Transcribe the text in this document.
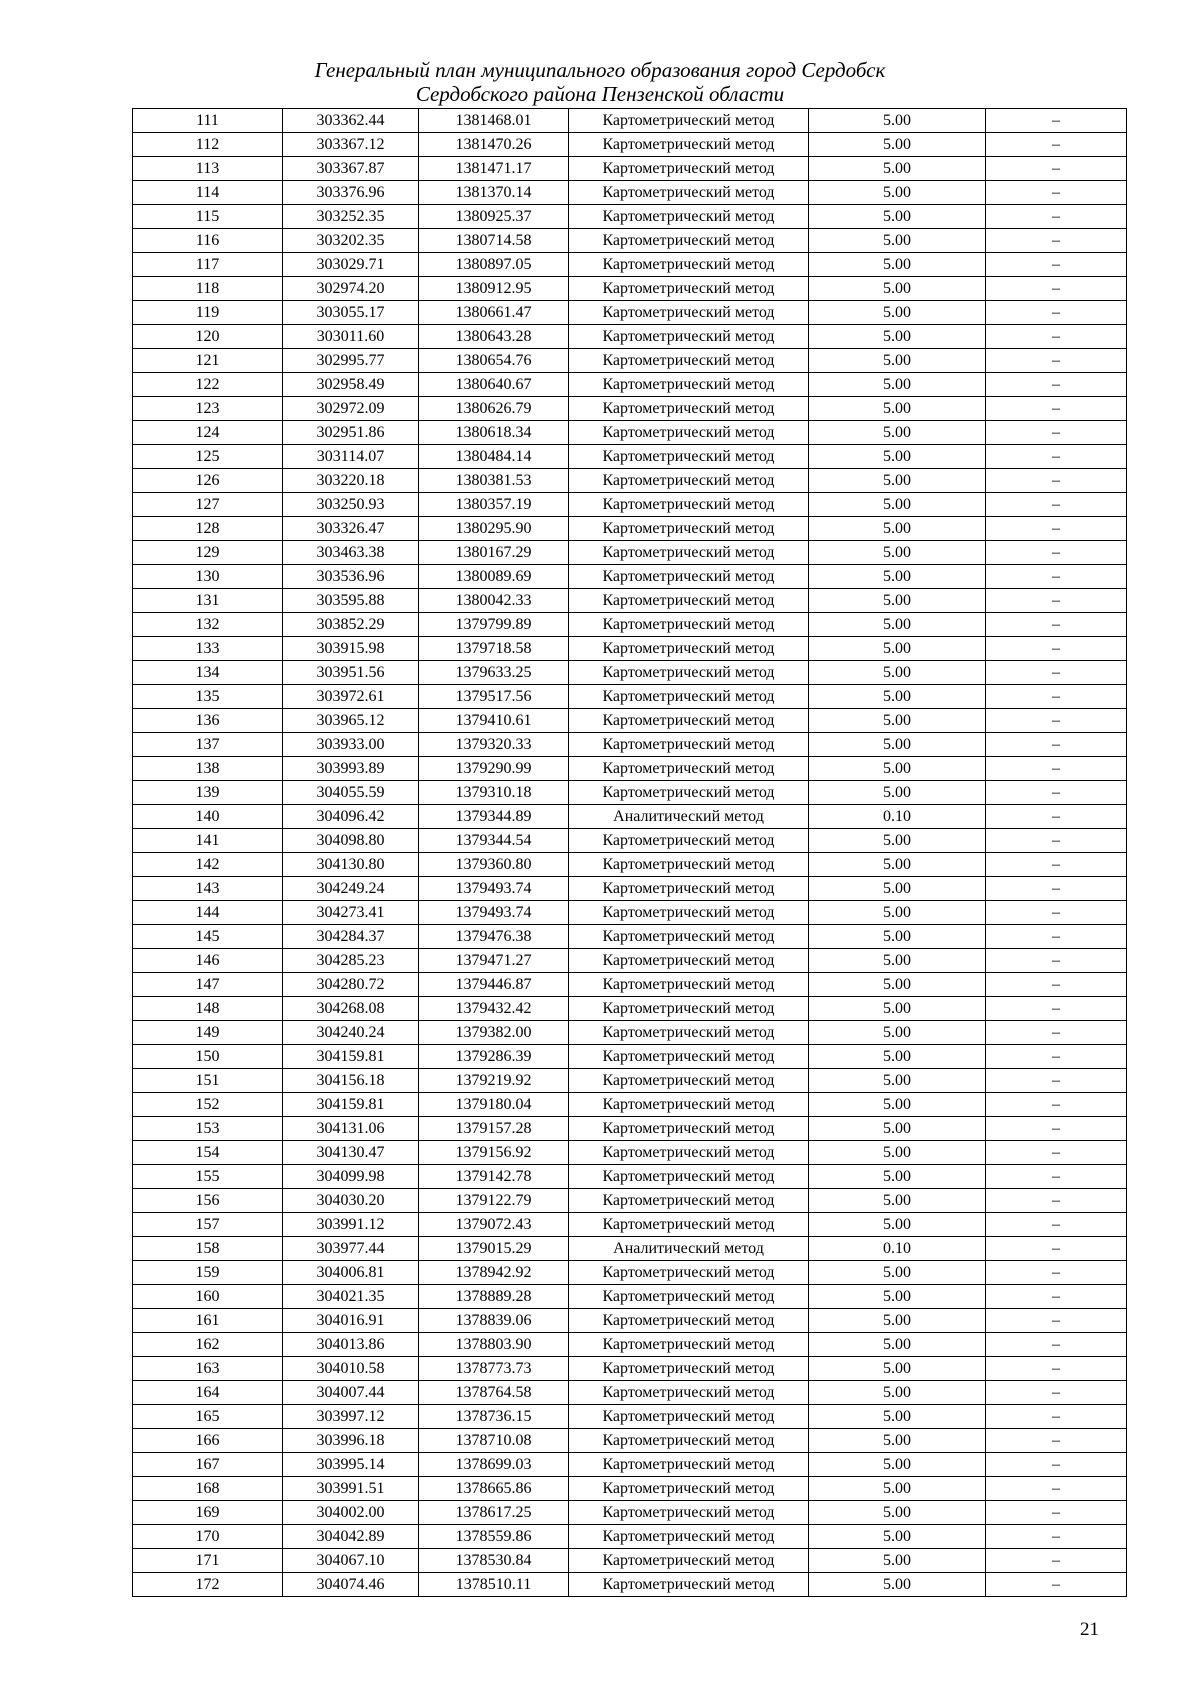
Генеральный план муниципального образования город Сердобск
Сердобского района Пензенской области
111	303362.44	1381468.01	Картометрический метод	5.00	–
112	303367.12	1381470.26	Картометрический метод	5.00	–
113	303367.87	1381471.17	Картометрический метод	5.00	–
114	303376.96	1381370.14	Картометрический метод	5.00	–
115	303252.35	1380925.37	Картометрический метод	5.00	–
116	303202.35	1380714.58	Картометрический метод	5.00	–
117	303029.71	1380897.05	Картометрический метод	5.00	–
118	302974.20	1380912.95	Картометрический метод	5.00	–
119	303055.17	1380661.47	Картометрический метод	5.00	–
120	303011.60	1380643.28	Картометрический метод	5.00	–
121	302995.77	1380654.76	Картометрический метод	5.00	–
122	302958.49	1380640.67	Картометрический метод	5.00	–
123	302972.09	1380626.79	Картометрический метод	5.00	–
124	302951.86	1380618.34	Картометрический метод	5.00	–
125	303114.07	1380484.14	Картометрический метод	5.00	–
126	303220.18	1380381.53	Картометрический метод	5.00	–
127	303250.93	1380357.19	Картометрический метод	5.00	–
128	303326.47	1380295.90	Картометрический метод	5.00	–
129	303463.38	1380167.29	Картометрический метод	5.00	–
130	303536.96	1380089.69	Картометрический метод	5.00	–
131	303595.88	1380042.33	Картометрический метод	5.00	–
132	303852.29	1379799.89	Картометрический метод	5.00	–
133	303915.98	1379718.58	Картометрический метод	5.00	–
134	303951.56	1379633.25	Картометрический метод	5.00	–
135	303972.61	1379517.56	Картометрический метод	5.00	–
136	303965.12	1379410.61	Картометрический метод	5.00	–
137	303933.00	1379320.33	Картометрический метод	5.00	–
138	303993.89	1379290.99	Картометрический метод	5.00	–
139	304055.59	1379310.18	Картометрический метод	5.00	–
140	304096.42	1379344.89	Аналитический метод	0.10	–
141	304098.80	1379344.54	Картометрический метод	5.00	–
142	304130.80	1379360.80	Картометрический метод	5.00	–
143	304249.24	1379493.74	Картометрический метод	5.00	–
144	304273.41	1379493.74	Картометрический метод	5.00	–
145	304284.37	1379476.38	Картометрический метод	5.00	–
146	304285.23	1379471.27	Картометрический метод	5.00	–
147	304280.72	1379446.87	Картометрический метод	5.00	–
148	304268.08	1379432.42	Картометрический метод	5.00	–
149	304240.24	1379382.00	Картометрический метод	5.00	–
150	304159.81	1379286.39	Картометрический метод	5.00	–
151	304156.18	1379219.92	Картометрический метод	5.00	–
152	304159.81	1379180.04	Картометрический метод	5.00	–
153	304131.06	1379157.28	Картометрический метод	5.00	–
154	304130.47	1379156.92	Картометрический метод	5.00	–
155	304099.98	1379142.78	Картометрический метод	5.00	–
156	304030.20	1379122.79	Картометрический метод	5.00	–
157	303991.12	1379072.43	Картометрический метод	5.00	–
158	303977.44	1379015.29	Аналитический метод	0.10	–
159	304006.81	1378942.92	Картометрический метод	5.00	–
160	304021.35	1378889.28	Картометрический метод	5.00	–
161	304016.91	1378839.06	Картометрический метод	5.00	–
162	304013.86	1378803.90	Картометрический метод	5.00	–
163	304010.58	1378773.73	Картометрический метод	5.00	–
164	304007.44	1378764.58	Картометрический метод	5.00	–
165	303997.12	1378736.15	Картометрический метод	5.00	–
166	303996.18	1378710.08	Картометрический метод	5.00	–
167	303995.14	1378699.03	Картометрический метод	5.00	–
168	303991.51	1378665.86	Картометрический метод	5.00	–
169	304002.00	1378617.25	Картометрический метод	5.00	–
170	304042.89	1378559.86	Картометрический метод	5.00	–
171	304067.10	1378530.84	Картометрический метод	5.00	–
172	304074.46	1378510.11	Картометрический метод	5.00	–
21
